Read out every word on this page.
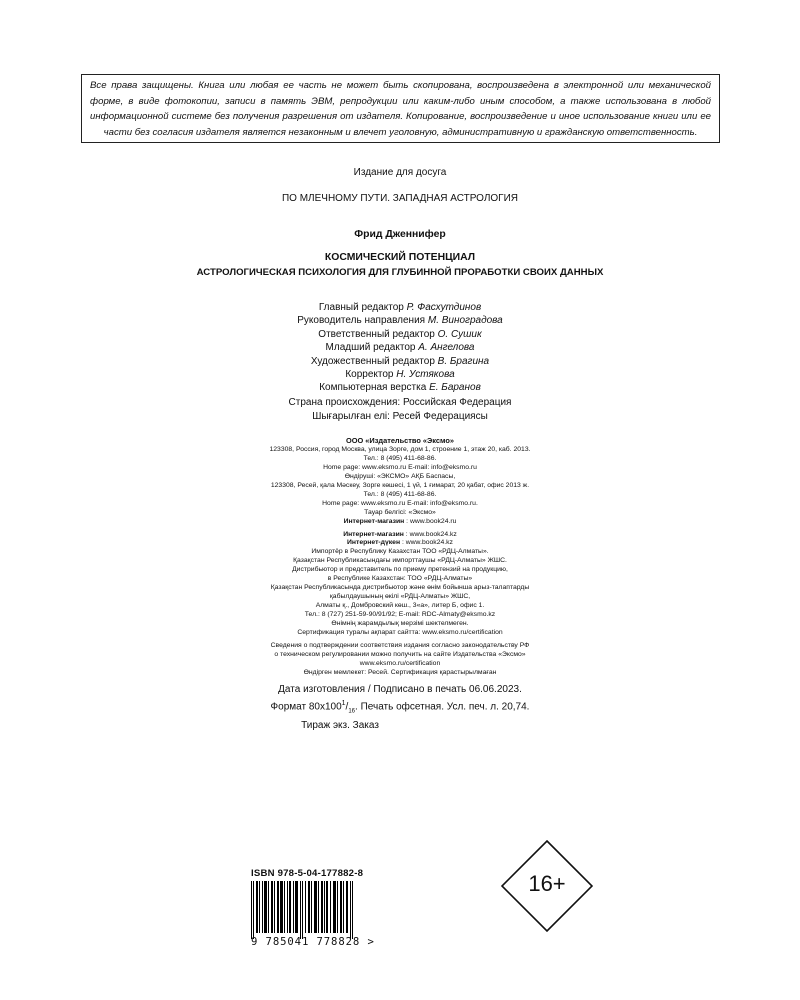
Все права защищены. Книга или любая ее часть не может быть скопирована, воспроизведена в электронной или механической форме, в виде фотокопии, записи в память ЭВМ, репродукции или каким-либо иным способом, а также использована в любой информационной системе без получения разрешения от издателя. Копирование, воспроизведение и иное использование книги или ее части без согласия издателя является незаконным и влечет уголовную, административную и гражданскую ответственность.
Издание для досуга
ПО МЛЕЧНОМУ ПУТИ. ЗАПАДНАЯ АСТРОЛОГИЯ
Фрид Дженнифер
КОСМИЧЕСКИЙ ПОТЕНЦИАЛ
АСТРОЛОГИЧЕСКАЯ ПСИХОЛОГИЯ ДЛЯ ГЛУБИННОЙ ПРОРАБОТКИ СВОИХ ДАННЫХ
Главный редактор Р. Фасхутдинов
Руководитель направления М. Виноградова
Ответственный редактор О. Сушик
Младший редактор А. Ангелова
Художественный редактор В. Брагина
Корректор Н. Устякова
Компьютерная верстка Е. Баранов
Страна происхождения: Российская Федерация
Шығарылған елі: Ресей Федерациясы
ООО «Издательство «Эксмо»
123308, Россия, город Москва, улица Зорге, дом 1, строение 1, этаж 20, каб. 2013.
Тел.: 8 (495) 411-68-86.
Home page: www.eksmo.ru E-mail: info@eksmo.ru
Өндіруші: «ЭКСМО» АҚБ Баспасы,
123308, Ресей, қала Мәскеу, Зорге көшесі, 1 үй, 1 ғимарат, 20 қабат, офис 2013 ж.
Тел.: 8 (495) 411-68-86.
Home page: www.eksmo.ru E-mail: info@eksmo.ru.
Тауар белгісі: «Эксмо»
Интернет-магазин : www.book24.ru
Интернет-магазин : www.book24.kz
Интернет-дүкен : www.book24.kz
Импортёр в Республику Казахстан ТОО «РДЦ-Алматы».
Қазақстан Республикасындағы импорттаушы «РДЦ-Алматы» ЖШС.
Дистрибьютор и представитель по приему претензий на продукцию,
в Республике Казахстан: ТОО «РДЦ-Алматы»
Қазақстан Республикасында дистрибьютор және өнім бойынша арыз-талаптарды
қабылдаушының өкілі «РДЦ-Алматы» ЖШС,
Алматы қ., Домбровский көш., 3«а», литер Б, офис 1.
Тел.: 8 (727) 251-59-90/91/92; E-mail: RDC-Almaty@eksmo.kz
Өнімнің жарамдылық мерзімі шектелмеген.
Сертификация туралы ақпарат сайтта: www.eksmo.ru/certification
Сведения о подтверждении соответствия издания согласно законодательству РФ
о техническом регулировании можно получить на сайте Издательства «Эксмо»
www.eksmo.ru/certification
Өндірген мемлекет: Ресей. Сертификация қарастырылмаған
Дата изготовления / Подписано в печать 06.06.2023.
Формат $80х100^1/_{16}$. Печать офсетная. Усл. печ. л. 20,74.
Тираж экз. Заказ
ISBN 978-5-04-177882-8
9 785041 778828 >
16+
